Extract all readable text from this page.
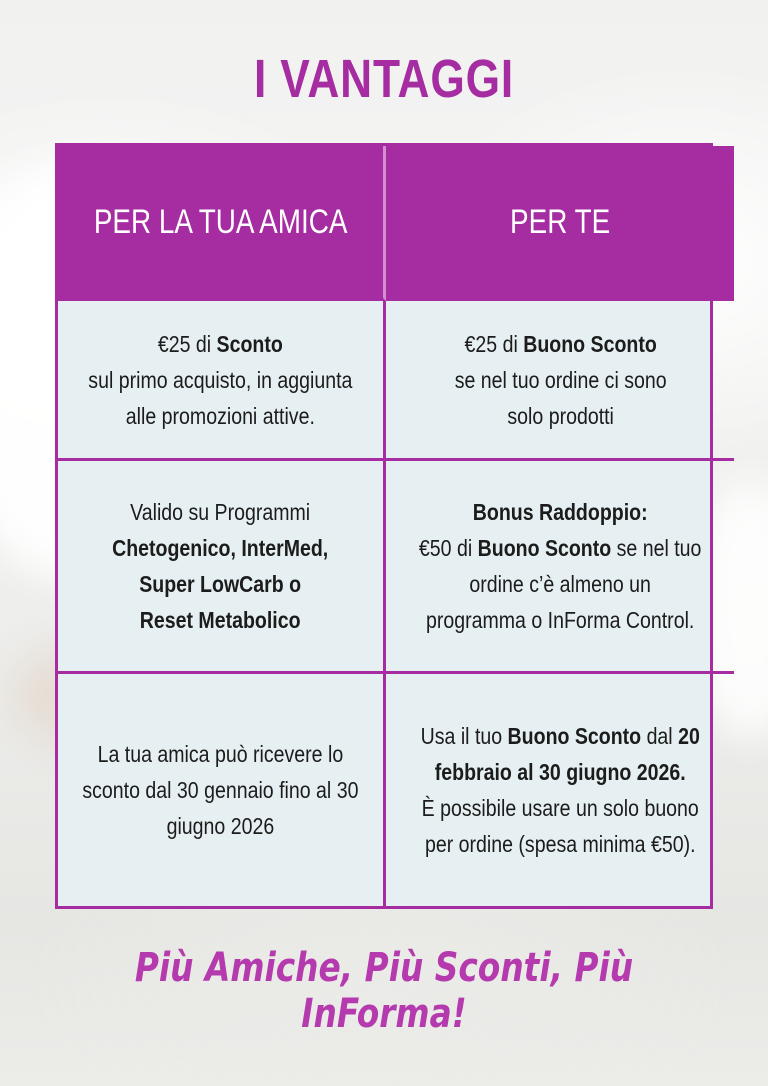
I VANTAGGI
PER LA TUA AMICA	PER TE
€25 di Sconto
sul primo acquisto, in aggiunta
alle promozioni attive.
€25 di Buono Sconto
se nel tuo ordine ci sono
solo prodotti
Valido su Programmi
Chetogenico, InterMed,
Super LowCarb o
Reset Metabolico
Bonus Raddoppio:
€50 di Buono Sconto se nel tuo
ordine c’è almeno un
programma o InForma Control.
La tua amica può ricevere lo
sconto dal 30 gennaio fino al 30
giugno 2026
Usa il tuo Buono Sconto dal 20
febbraio al 30 giugno 2026.
È possibile usare un solo buono
per ordine (spesa minima €50).
Più Amiche, Più Sconti, Più InForma!
